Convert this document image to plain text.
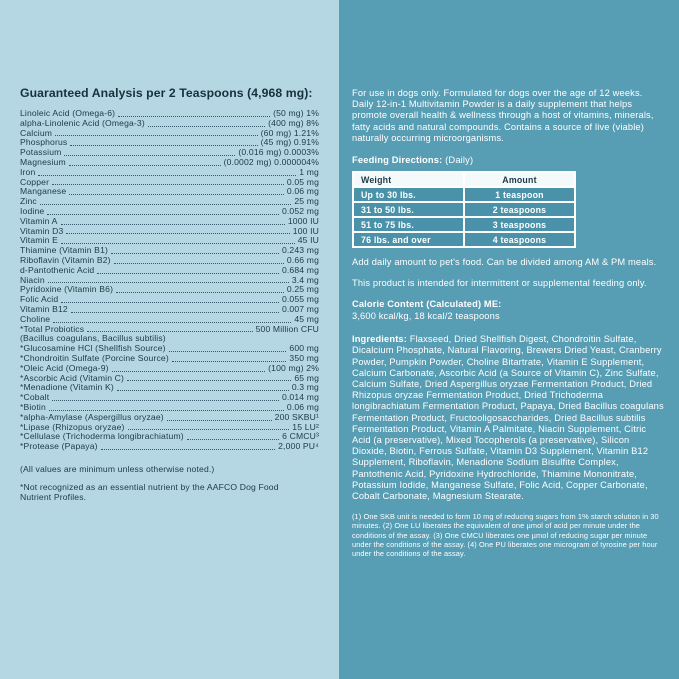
Guaranteed Analysis per 2 Teaspoons (4,968 mg):
Linoleic Acid (Omega-6)	(50 mg) 1%
alpha-Linolenic Acid (Omega-3)	(400 mg) 8%
Calcium	(60 mg) 1.21%
Phosphorus	(45 mg) 0.91%
Potassium	(0.016 mg) 0.0003%
Magnesium	(0.0002 mg) 0.000004%
Iron	1 mg
Copper	0.05 mg
Manganese	0.06 mg
Zinc	25 mg
Iodine	0.052 mg
Vitamin A	1000 IU
Vitamin D3	100 IU
Vitamin E	45 IU
Thiamine (Vitamin B1)	0.243 mg
Riboflavin (Vitamin B2)	0.66 mg
d-Pantothenic Acid	0.684 mg
Niacin	3.4 mg
Pyridoxine (Vitamin B6)	0.25 mg
Folic Acid	0.055 mg
Vitamin B12	0.007 mg
Choline	45 mg
*Total Probiotics	500 Million CFU
(Bacillus coagulans, Bacillus subtilis)
*Glucosamine HCl (Shellfish Source)	600 mg
*Chondroitin Sulfate (Porcine Source)	350 mg
*Oleic Acid (Omega-9)	(100 mg) 2%
*Ascorbic Acid (Vitamin C)	65 mg
*Menadione (Vitamin K)	0.3 mg
*Cobalt	0.014 mg
*Biotin	0.06 mg
*alpha-Amylase (Aspergillus oryzae)	200 SKBU¹
*Lipase (Rhizopus oryzae)	15 LU²
*Cellulase (Trichoderma longibrachiatum)	6 CMCU³
*Protease (Papaya)	2,000 PU⁴
(All values are minimum unless otherwise noted.)
*Not recognized as an essential nutrient by the AAFCO Dog Food Nutrient Profiles.

For use in dogs only. Formulated for dogs over the age of 12 weeks. Daily 12-in-1 Multivitamin Powder is a daily supplement that helps promote overall health & wellness through a host of vitamins, minerals, fatty acids and natural compounds. Contains a source of live (viable) naturally occurring microorganisms.

Feeding Directions: (Daily)

Weight	Amount
Up to 30 lbs.	1 teaspoon
31 to 50 lbs.	2 teaspoons
51 to 75 lbs.	3 teaspoons
76 lbs. and over	4 teaspoons

Add daily amount to pet's food. Can be divided among AM & PM meals.

This product is intended for intermittent or supplemental feeding only.

Calorie Content (Calculated) ME:
3,600 kcal/kg, 18 kcal/2 teaspoons

Ingredients: Flaxseed, Dried Shellfish Digest, Chondroitin Sulfate, Dicalcium Phosphate, Natural Flavoring, Brewers Dried Yeast, Cranberry Powder, Pumpkin Powder, Choline Bitartrate, Vitamin E Supplement, Calcium Carbonate, Ascorbic Acid (a Source of Vitamin C), Zinc Sulfate, Calcium Sulfate, Dried Aspergillus oryzae Fermentation Product, Dried Rhizopus oryzae Fermentation Product, Dried Trichoderma longibrachiatum Fermentation Product, Papaya, Dried Bacillus coagulans Fermentation Product, Fructooligosaccharides, Dried Bacillus subtilis Fermentation Product, Vitamin A Palmitate, Niacin Supplement, Citric Acid (a preservative), Mixed Tocopherols (a preservative), Silicon Dioxide, Biotin, Ferrous Sulfate, Vitamin D3 Supplement, Vitamin B12 Supplement, Riboflavin, Menadione Sodium Bisulfite Complex, Pantothenic Acid, Pyridoxine Hydrochloride, Thiamine Mononitrate, Potassium Iodide, Manganese Sulfate, Folic Acid, Copper Carbonate, Cobalt Carbonate, Magnesium Stearate.

(1) One SKB unit is needed to form 10 mg of reducing sugars from 1% starch solution in 30 minutes. (2) One LU liberates the equivalent of one µmol of acid per minute under the conditions of the assay. (3) One CMCU liberates one µmol of reducing sugar per minute under the conditions of the assay. (4) One PU liberates one microgram of tyrosine per hour under the conditions of the assay.
